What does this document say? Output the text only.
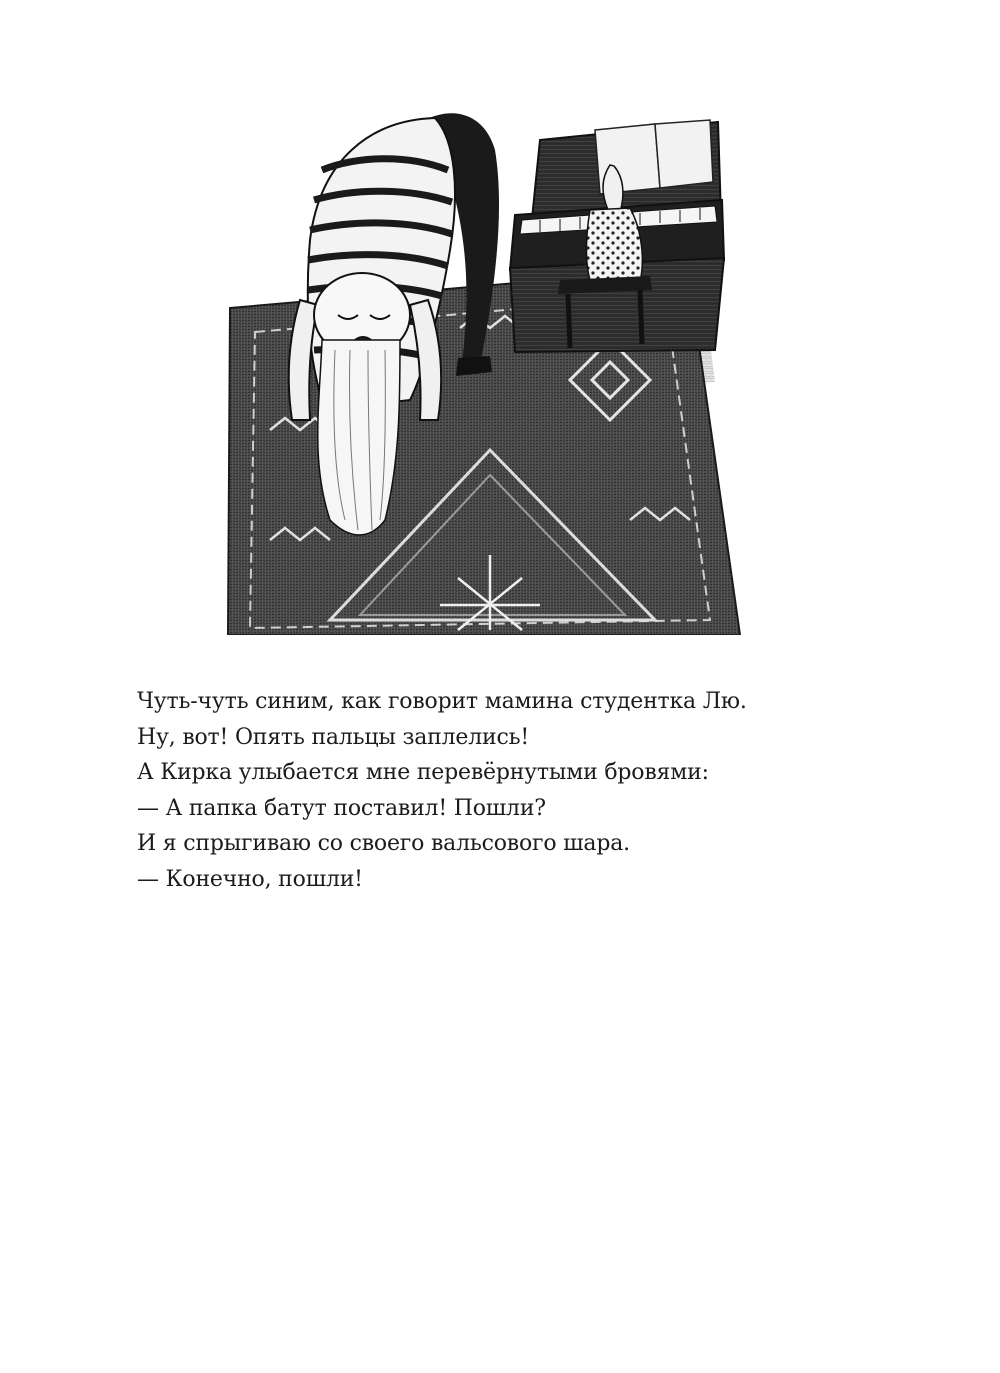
Чуть-чуть синим, как говорит мамина студентка Лю.
Ну, вот! Опять пальцы заплелись!
А Кирка улыбается мне перевёрнутыми бровями:
— А папка батут поставил! Пошли?
И я спрыгиваю со своего вальсового шара.
— Конечно, пошли!
